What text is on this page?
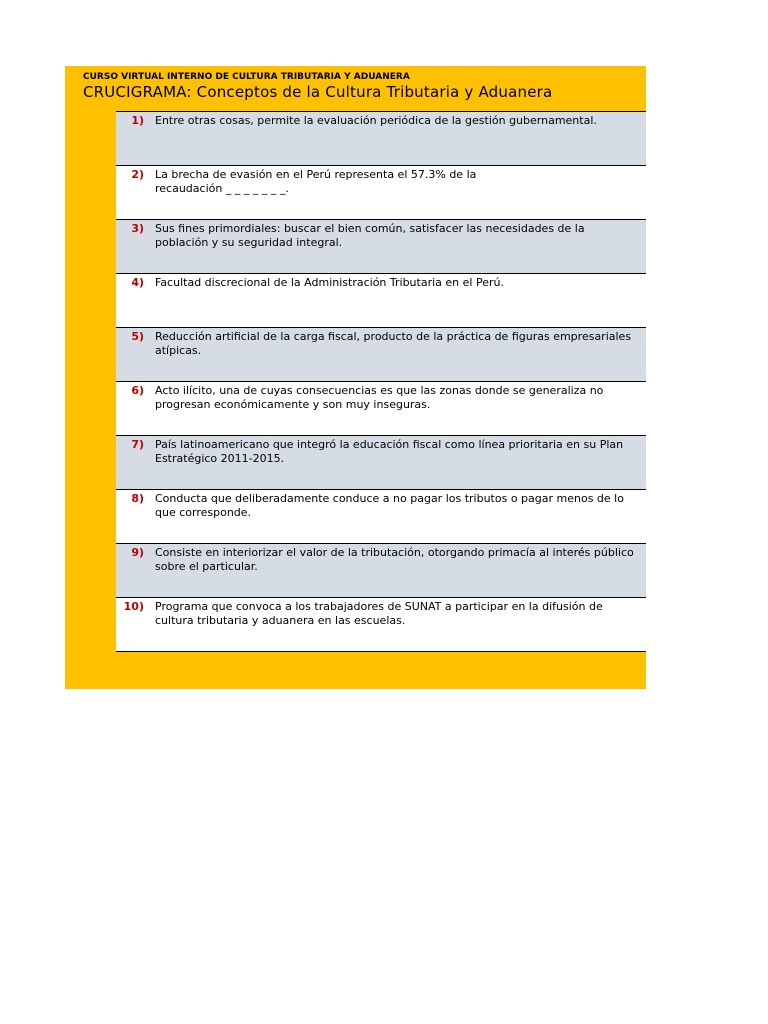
CURSO VIRTUAL INTERNO DE CULTURA TRIBUTARIA Y ADUANERA
CRUCIGRAMA: Conceptos de la Cultura Tributaria y Aduanera
1) Entre otras cosas, permite la evaluación periódica de la gestión gubernamental.
2) La brecha de evasión en el Perú representa el 57.3% de la
recaudación _ _ _ _ _ _ _.
3) Sus fines primordiales: buscar el bien común, satisfacer las necesidades de la población y su seguridad integral.
4) Facultad discrecional de la Administración Tributaria en el Perú.
5) Reducción artificial de la carga fiscal, producto de la práctica de figuras empresariales atípicas.
6) Acto ilícito, una de cuyas consecuencias es que las zonas donde se generaliza no progresan económicamente y son muy inseguras.
7) País latinoamericano que integró la educación fiscal como línea prioritaria en su Plan Estratégico 2011-2015.
8) Conducta que deliberadamente conduce a no pagar los tributos o pagar menos de lo que corresponde.
9) Consiste en interiorizar el valor de la tributación, otorgando primacía al interés público sobre el particular.
10) Programa que convoca a los trabajadores de SUNAT a participar en la difusión de cultura tributaria y aduanera en las escuelas.
